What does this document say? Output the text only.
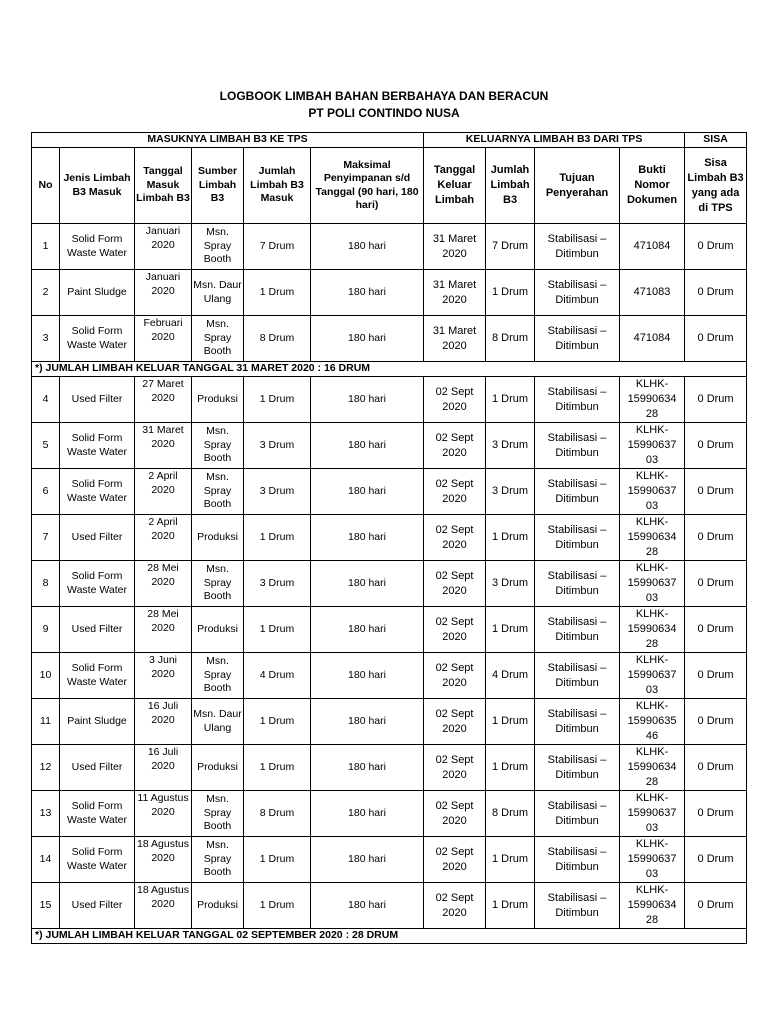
LOGBOOK LIMBAH BAHAN BERBAHAYA DAN BERACUN
PT POLI CONTINDO NUSA
MASUKNYA LIMBAH B3 KE TPS						KELUARNYA LIMBAH B3 DARI TPS				SISA
No	Jenis Limbah B3 Masuk	Tanggal Masuk Limbah B3	Sumber Limbah B3	Jumlah Limbah B3 Masuk	Maksimal Penyimpanan s/d Tanggal (90 hari, 180 hari)	Tanggal Keluar Limbah	Jumlah Limbah B3	Tujuan Penyerahan	Bukti Nomor Dokumen	Sisa Limbah B3 yang ada di TPS
1	Solid Form Waste Water	Januari 2020	Msn. Spray Booth	7 Drum	180 hari	31 Maret 2020	7 Drum	Stabilisasi – Ditimbun	471084	0 Drum
2	Paint Sludge	Januari 2020	Msn. Daur Ulang	1 Drum	180 hari	31 Maret 2020	1 Drum	Stabilisasi – Ditimbun	471083	0 Drum
3	Solid Form Waste Water	Februari 2020	Msn. Spray Booth	8 Drum	180 hari	31 Maret 2020	8 Drum	Stabilisasi – Ditimbun	471084	0 Drum
*) JUMLAH LIMBAH KELUAR TANGGAL 31 MARET 2020 : 16 DRUM										
4	Used Filter	27 Maret 2020	Produksi	1 Drum	180 hari	02 Sept 2020	1 Drum	Stabilisasi – Ditimbun	KLHK-15990634 28	0 Drum
5	Solid Form Waste Water	31 Maret 2020	Msn. Spray Booth	3 Drum	180 hari	02 Sept 2020	3 Drum	Stabilisasi – Ditimbun	KLHK-15990637 03	0 Drum
6	Solid Form Waste Water	2 April 2020	Msn. Spray Booth	3 Drum	180 hari	02 Sept 2020	3 Drum	Stabilisasi – Ditimbun	KLHK-15990637 03	0 Drum
7	Used Filter	2 April 2020	Produksi	1 Drum	180 hari	02 Sept 2020	1 Drum	Stabilisasi – Ditimbun	KLHK-15990634 28	0 Drum
8	Solid Form Waste Water	28 Mei 2020	Msn. Spray Booth	3 Drum	180 hari	02 Sept 2020	3 Drum	Stabilisasi – Ditimbun	KLHK-15990637 03	0 Drum
9	Used Filter	28 Mei 2020	Produksi	1 Drum	180 hari	02 Sept 2020	1 Drum	Stabilisasi – Ditimbun	KLHK-15990634 28	0 Drum
10	Solid Form Waste Water	3 Juni 2020	Msn. Spray Booth	4 Drum	180 hari	02 Sept 2020	4 Drum	Stabilisasi – Ditimbun	KLHK-15990637 03	0 Drum
11	Paint Sludge	16 Juli 2020	Msn. Daur Ulang	1 Drum	180 hari	02 Sept 2020	1 Drum	Stabilisasi – Ditimbun	KLHK-15990635 46	0 Drum
12	Used Filter	16 Juli 2020	Produksi	1 Drum	180 hari	02 Sept 2020	1 Drum	Stabilisasi – Ditimbun	KLHK-15990634 28	0 Drum
13	Solid Form Waste Water	11 Agustus 2020	Msn. Spray Booth	8 Drum	180 hari	02 Sept 2020	8 Drum	Stabilisasi – Ditimbun	KLHK-15990637 03	0 Drum
14	Solid Form Waste Water	18 Agustus 2020	Msn. Spray Booth	1 Drum	180 hari	02 Sept 2020	1 Drum	Stabilisasi – Ditimbun	KLHK-15990637 03	0 Drum
15	Used Filter	18 Agustus 2020	Produksi	1 Drum	180 hari	02 Sept 2020	1 Drum	Stabilisasi – Ditimbun	KLHK-15990634 28	0 Drum
*) JUMLAH LIMBAH KELUAR TANGGAL 02 SEPTEMBER 2020 : 28 DRUM										
